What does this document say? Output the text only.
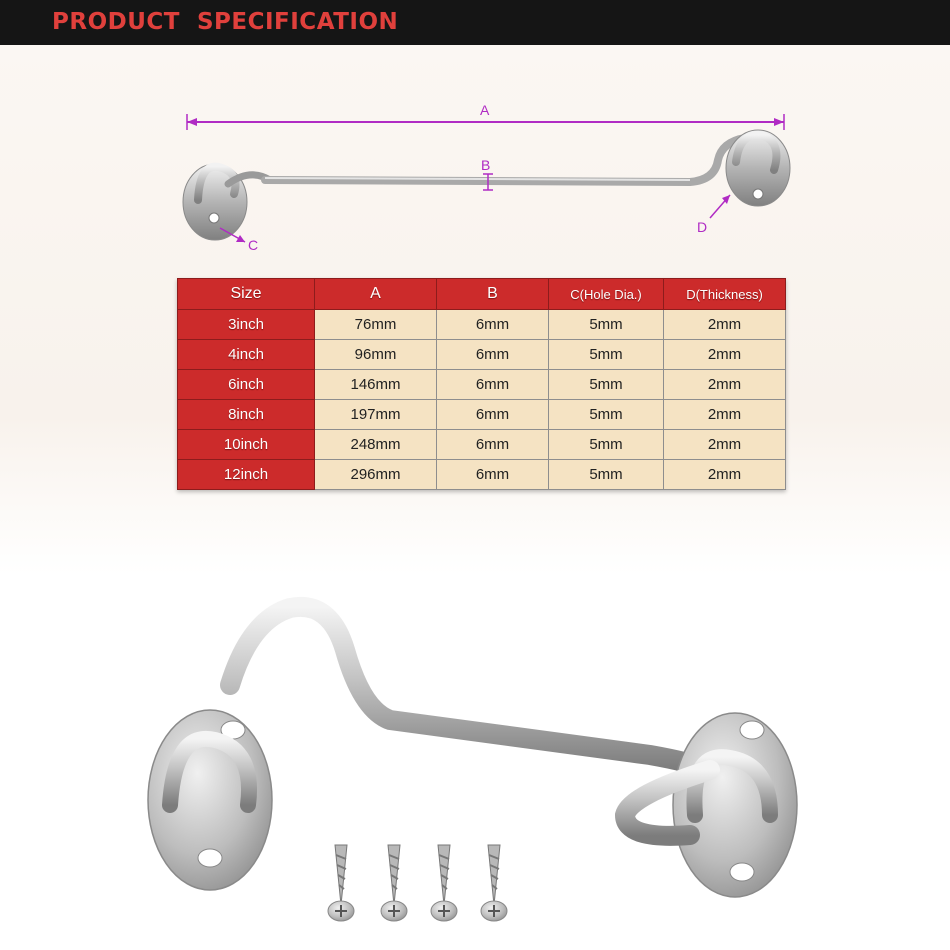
PRODUCT  SPECIFICATION
A
B
C
D
Size	A	B	C(Hole Dia.)	D(Thickness)
3inch	76mm	6mm	5mm	2mm
4inch	96mm	6mm	5mm	2mm
6inch	146mm	6mm	5mm	2mm
8inch	197mm	6mm	5mm	2mm
10inch	248mm	6mm	5mm	2mm
12inch	296mm	6mm	5mm	2mm
